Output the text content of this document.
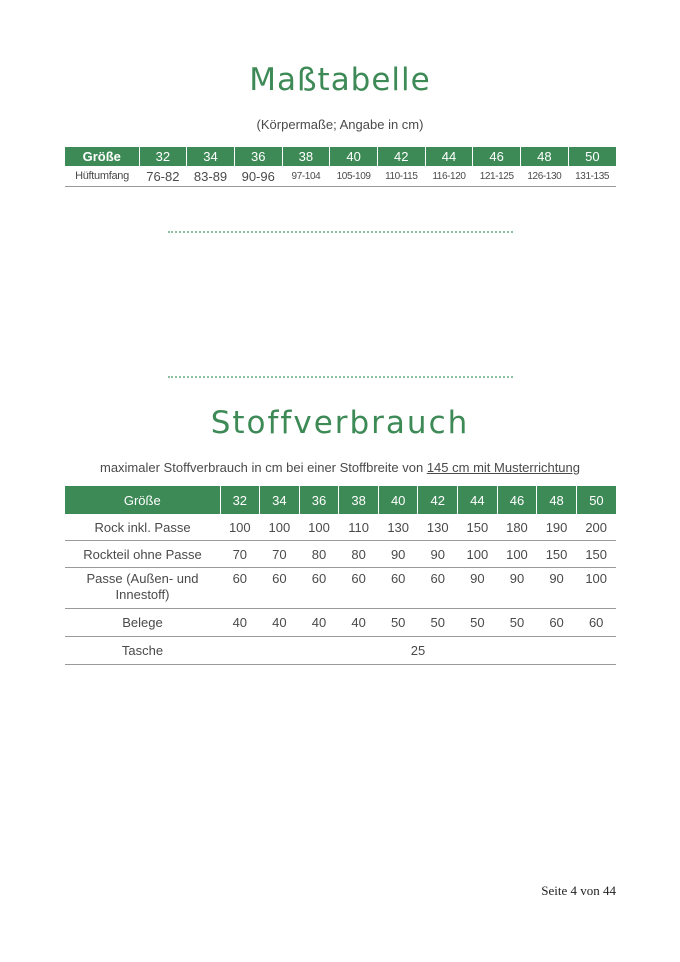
Maßtabelle
(Körpermaße; Angabe in cm)
Größe	32	34	36	38	40	42	44	46	48	50
Hüftumfang	76-82	83-89	90-96	97-104	105-109	110-115	116-120	121-125	126-130	131-135
Stoffverbrauch
maximaler Stoffverbrauch in cm bei einer Stoffbreite von 145 cm mit Musterrichtung
Größe	32	34	36	38	40	42	44	46	48	50
Rock inkl. Passe	100	100	100	110	130	130	150	180	190	200
Rockteil ohne Passe	70	70	80	80	90	90	100	100	150	150
Passe (Außen- und Innestoff)	60	60	60	60	60	60	90	90	90	100
Belege	40	40	40	40	50	50	50	50	60	60
Tasche	25									
Seite 4 von 44
